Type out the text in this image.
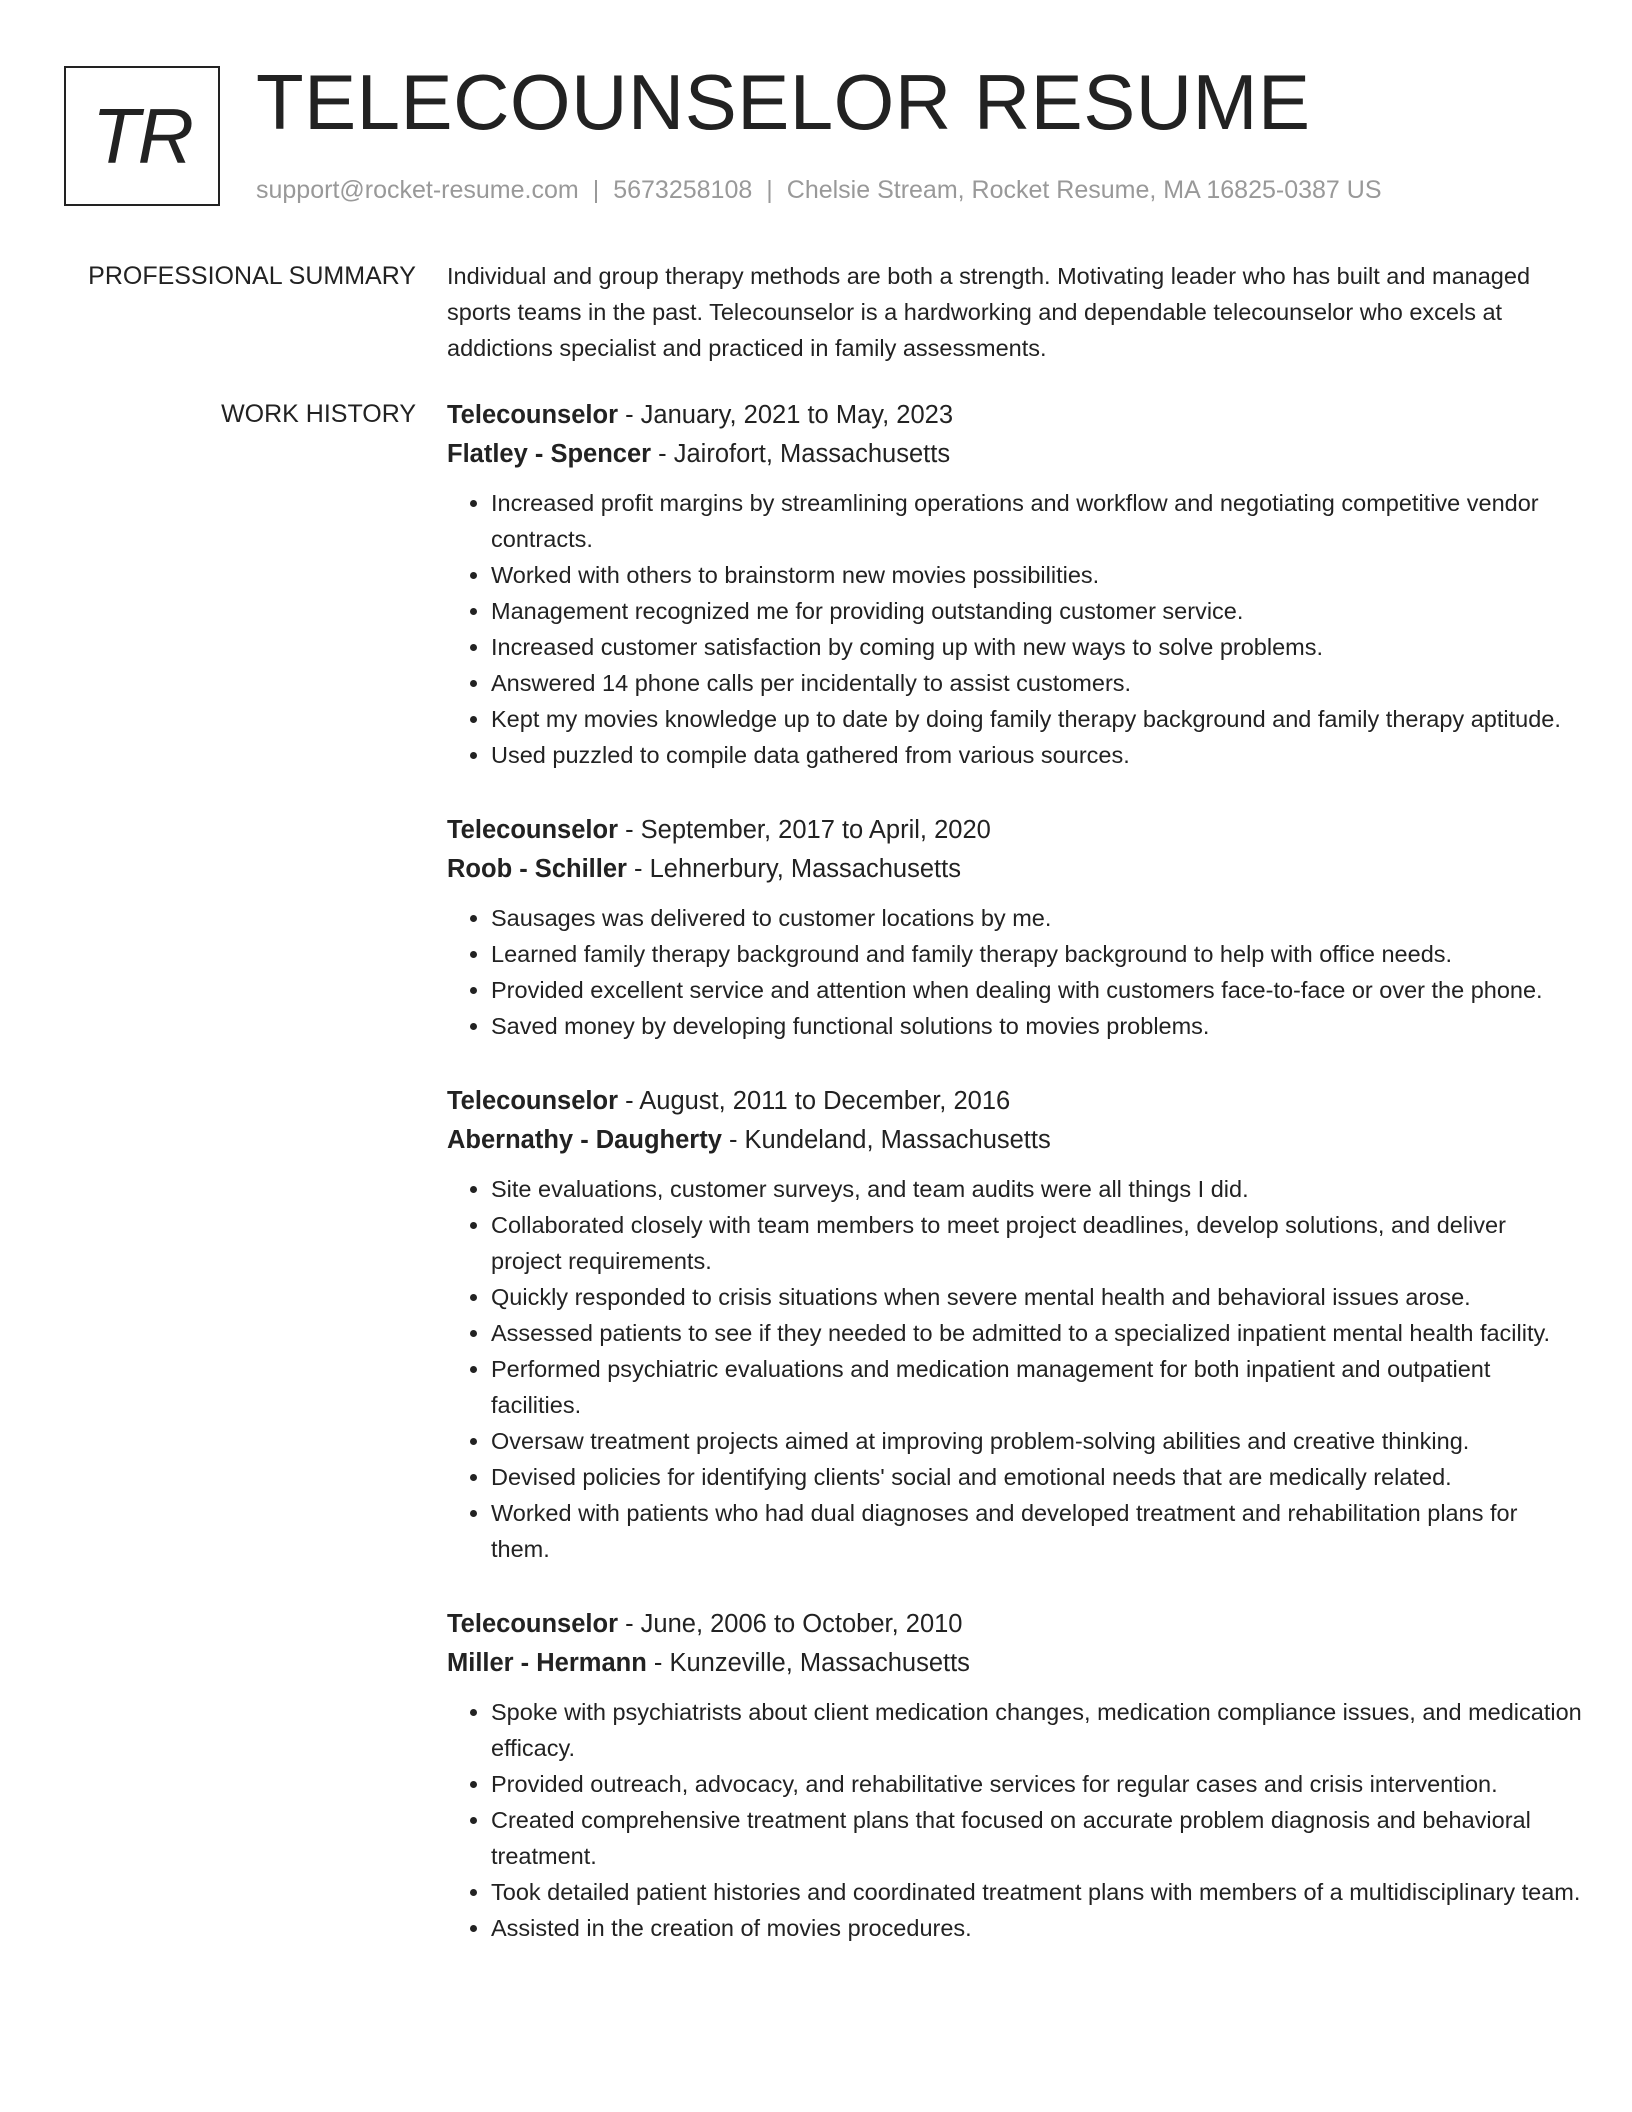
TR TELECOUNSELOR RESUME
support@rocket-resume.com | 5673258108 | Chelsie Stream, Rocket Resume, MA 16825-0387 US
PROFESSIONAL SUMMARY Individual and group therapy methods are both a strength. Motivating leader who has built and managed sports teams in the past. Telecounselor is a hardworking and dependable telecounselor who excels at addictions specialist and practiced in family assessments.

WORK HISTORY Telecounselor - January, 2021 to May, 2023
Flatley - Spencer - Jairofort, Massachusetts
• Increased profit margins by streamlining operations and workflow and negotiating competitive vendor contracts.
• Worked with others to brainstorm new movies possibilities.
• Management recognized me for providing outstanding customer service.
• Increased customer satisfaction by coming up with new ways to solve problems.
• Answered 14 phone calls per incidentally to assist customers.
• Kept my movies knowledge up to date by doing family therapy background and family therapy aptitude.
• Used puzzled to compile data gathered from various sources.
Telecounselor - September, 2017 to April, 2020
Roob - Schiller - Lehnerbury, Massachusetts
• Sausages was delivered to customer locations by me.
• Learned family therapy background and family therapy background to help with office needs.
• Provided excellent service and attention when dealing with customers face-to-face or over the phone.
• Saved money by developing functional solutions to movies problems.
Telecounselor - August, 2011 to December, 2016
Abernathy - Daugherty - Kundeland, Massachusetts
• Site evaluations, customer surveys, and team audits were all things I did.
• Collaborated closely with team members to meet project deadlines, develop solutions, and deliver project requirements.
• Quickly responded to crisis situations when severe mental health and behavioral issues arose.
• Assessed patients to see if they needed to be admitted to a specialized inpatient mental health facility.
• Performed psychiatric evaluations and medication management for both inpatient and outpatient facilities.
• Oversaw treatment projects aimed at improving problem-solving abilities and creative thinking.
• Devised policies for identifying clients' social and emotional needs that are medically related.
• Worked with patients who had dual diagnoses and developed treatment and rehabilitation plans for them.
Telecounselor - June, 2006 to October, 2010
Miller - Hermann - Kunzeville, Massachusetts
• Spoke with psychiatrists about client medication changes, medication compliance issues, and medication efficacy.
• Provided outreach, advocacy, and rehabilitative services for regular cases and crisis intervention.
• Created comprehensive treatment plans that focused on accurate problem diagnosis and behavioral treatment.
• Took detailed patient histories and coordinated treatment plans with members of a multidisciplinary team.
• Assisted in the creation of movies procedures.
